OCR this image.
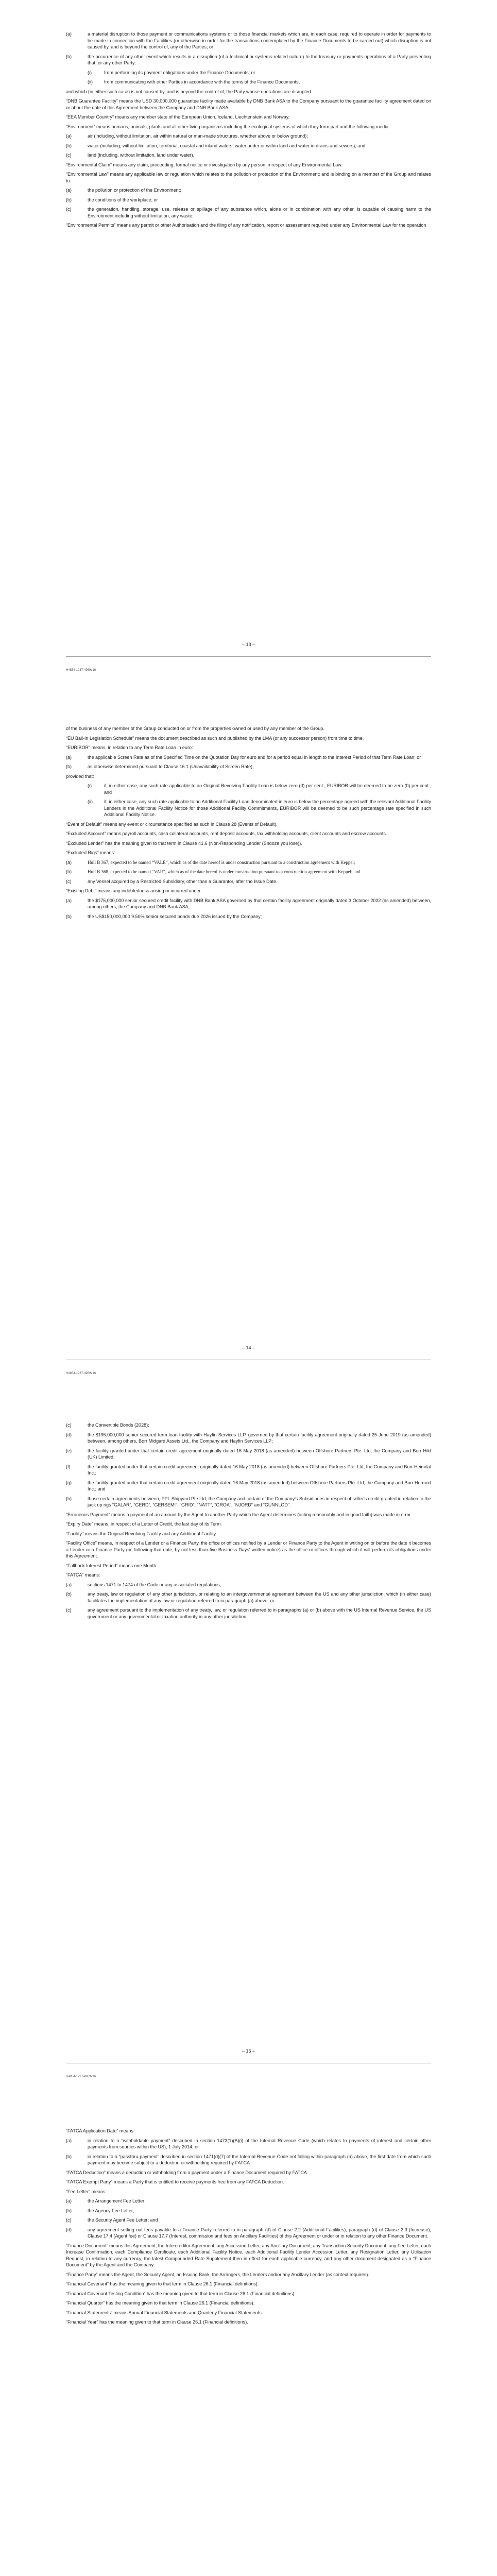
(a)	a material disruption to those payment or communications systems or to those financial markets which are, in each case, required to operate in order for payments to be made in connection with the Facilities (or otherwise in order for the transactions contemplated by the Finance Documents to be carried out) which disruption is not caused by, and is beyond the control of, any of the Parties; or
(b)	the occurrence of any other event which results in a disruption (of a technical or systems-related nature) to the treasury or payments operations of a Party preventing that, or any other Party:
(i)	from performing its payment obligations under the Finance Documents; or
(ii)	from communicating with other Parties in accordance with the terms of the Finance Documents,

and which (in either such case) is not caused by, and is beyond the control of, the Party whose operations are disrupted.

“DNB Guarantee Facility” means the USD 30,000,000 guarantee facility made available by DNB Bank ASA to the Company pursuant to the guarantee facility agreement dated on or about the date of this Agreement between the Company and DNB Bank ASA.

“EEA Member Country” means any member state of the European Union, Iceland, Liechtenstein and Norway.

“Environment” means humans, animals, plants and all other living organisms including the ecological systems of which they form part and the following media:

(a)	air (including, without limitation, air within natural or man-made structures, whether above or below ground);
(b)	water (including, without limitation, territorial, coastal and inland waters, water under or within land and water in drains and sewers); and
(c)	land (including, without limitation, land under water).

“Environmental Claim” means any claim, proceeding, formal notice or investigation by any person in respect of any Environmental Law.

“Environmental Law” means any applicable law or regulation which relates to the pollution or protection of the Environment; and is binding on a member of the Group and relates to:

(a)	the pollution or protection of the Environment;
(b)	the conditions of the workplace; or
(c)	the generation, handling, storage, use, release or spillage of any substance which, alone or in combination with any other, is capable of causing harm to the Environment including without limitation, any waste.

“Environmental Permits” means any permit or other Authorisation and the filing of any notification, report or assessment required under any Environmental Law for the operation

– 13 –
H4854-1237-4969v16

of the business of any member of the Group conducted on or from the properties owned or used by any member of the Group.

“EU Bail-In Legislation Schedule” means the document described as such and published by the LMA (or any successor person) from time to time.

“EURIBOR” means, in relation to any Term Rate Loan in euro:

(a)	the applicable Screen Rate as of the Specified Time on the Quotation Day for euro and for a period equal in length to the Interest Period of that Term Rate Loan; or
(b)	as otherwise determined pursuant to Clause 16.1 (Unavailability of Screen Rate),

provided that:

(i)	if, in either case, any such rate applicable to an Original Revolving Facility Loan is below zero (0) per cent., EURIBOR will be deemed to be zero (0) per cent.; and
(ii)	if, in either case, any such rate applicable to an Additional Facility Loan denominated in euro is below the percentage agreed with the relevant Additional Facility Lenders in the Additional Facility Notice for those Additional Facility Commitments, EURIBOR will be deemed to be such percentage rate specified in such Additional Facility Notice.

“Event of Default” means any event or circumstance specified as such in Clause 28 (Events of Default).

“Excluded Account” means payroll accounts, cash collateral accounts, rent deposit accounts, tax withholding accounts, client accounts and escrow accounts.

“Excluded Lender” has the meaning given to that term in Clause 41.6 (Non-Responding Lender (Snooze you lose)).

“Excluded Rigs” means:

(a)	Hull B 367, expected to be named “VALE”, which as of the date hereof is under construction pursuant to a construction agreement with Keppel;
(b)	Hull B 368, expected to be named “VAR”, which as of the date hereof is under construction pursuant to a construction agreement with Keppel; and
(c)	any Vessel acquired by a Restricted Subsidiary, other than a Guarantor, after the Issue Date.

“Existing Debt” means any indebtedness arising or incurred under:

(a)	the $175,000,000 senior secured credit facility with DNB Bank ASA governed by that certain facility agreement originally dated 3 October 2022 (as amended) between, among others, the Company and DNB Bank ASA;
(b)	the US$150,000,000 9.50% senior secured bonds due 2026 issued by the Company;
– 14 –
H4854-1237-4969v16
(c)	the Convertible Bonds (2028);
(d)	the $195,000,000 senior secured term loan facility with Hayfin Services LLP, governed by that certain facility agreement originally dated 25 June 2019 (as amended) between, among others, Borr Midgard Assets Ltd., the Company and Hayfin Services LLP;
(e)	the facility granted under that certain credit agreement originally dated 16 May 2018 (as amended) between Offshore Partners Pte. Ltd, the Company and Borr Hild (UK) Limited;
(f)	the facility granted under that certain credit agreement originally dated 16 May 2018 (as amended) between Offshore Partners Pte. Ltd, the Company and Borr Heimdal Inc.;
(g)	the facility granted under that certain credit agreement originally dated 16 May 2018 (as amended) between Offshore Partners Pte. Ltd, the Company and Borr Hermod Inc.; and
(h)	those certain agreements between, PPL Shipyard Pte Ltd, the Company and certain of the Company's Subsidiaries in respect of seller's credit granted in relation to the jack up rigs “GALAR”, “GERD”, “GERSEMI”, “GRID”, “NATT”, “GROA”, “NJORD” and “GUNNLOD”.

“Erroneous Payment” means a payment of an amount by the Agent to another Party which the Agent determines (acting reasonably and in good faith) was made in error.

“Expiry Date” means, in respect of a Letter of Credit, the last day of its Term.

“Facility” means the Original Revolving Facility and any Additional Facility.

“Facility Office” means, in respect of a Lender or a Finance Party, the office or offices notified by a Lender or Finance Party to the Agent in writing on or before the date it becomes a Lender or a Finance Party (or, following that date, by not less than five Business Days' written notice) as the office or offices through which it will perform its obligations under this Agreement.

“Fallback Interest Period” means one Month.

“FATCA” means:

(a)	sections 1471 to 1474 of the Code or any associated regulations;
(b)	any treaty, law or regulation of any other jurisdiction, or relating to an intergovernmental agreement between the US and any other jurisdiction, which (in either case) facilitates the implementation of any law or regulation referred to in paragraph (a) above; or
(c)	any agreement pursuant to the implementation of any treaty, law, or regulation referred to in paragraphs (a) or (b) above with the US Internal Revenue Service, the US government or any governmental or taxation authority in any other jurisdiction.
– 15 –
H4854-1237-4969v16

“FATCA Application Date” means:

(a)	in relation to a “withholdable payment” described in section 1473(1)(A)(i) of the Internal Revenue Code (which relates to payments of interest and certain other payments from sources within the US), 1 July 2014; or
(b)	in relation to a “passthru payment” described in section 1471(d)(7) of the Internal Revenue Code not falling within paragraph (a) above, the first date from which such payment may become subject to a deduction or withholding required by FATCA.

“FATCA Deduction” means a deduction or withholding from a payment under a Finance Document required by FATCA.

“FATCA Exempt Party” means a Party that is entitled to receive payments free from any FATCA Deduction.

“Fee Letter” means:

(a)	the Arrangement Fee Letter;
(b)	the Agency Fee Letter;
(c)	the Security Agent Fee Letter; and
(d)	any agreement setting out fees payable to a Finance Party referred to in paragraph (d) of Clause 2.2 (Additional Facilities), paragraph (d) of Clause 2.3 (Increase), Clause 17.4 (Agent fee) or Clause 17.7 (Interest, commission and fees on Ancillary Facilities) of this Agreement or under or in relation to any other Finance Document.

“Finance Document” means this Agreement, the Intercreditor Agreement, any Accession Letter, any Ancillary Document, any Transaction Security Document, any Fee Letter, each Increase Confirmation, each Compliance Certificate, each Additional Facility Notice, each Additional Facility Lender Accession Letter, any Resignation Letter, any Utilisation Request, in relation to any currency, the latest Compounded Rate Supplement then in effect for each applicable currency, and any other document designated as a “Finance Document” by the Agent and the Company.

“Finance Party” means the Agent, the Security Agent, an Issuing Bank, the Arrangers, the Lenders and/or any Ancillary Lender (as context requires).

“Financial Covenant” has the meaning given to that term in Clause 26.1 (Financial definitions).

“Financial Covenant Testing Condition” has the meaning given to that term in Clause 26.1 (Financial definitions).

“Financial Quarter” has the meaning given to that term in Clause 26.1 (Financial definitions).

“Financial Statements” means Annual Financial Statements and Quarterly Financial Statements.

“Financial Year” has the meaning given to that term in Clause 26.1 (Financial definitions).
